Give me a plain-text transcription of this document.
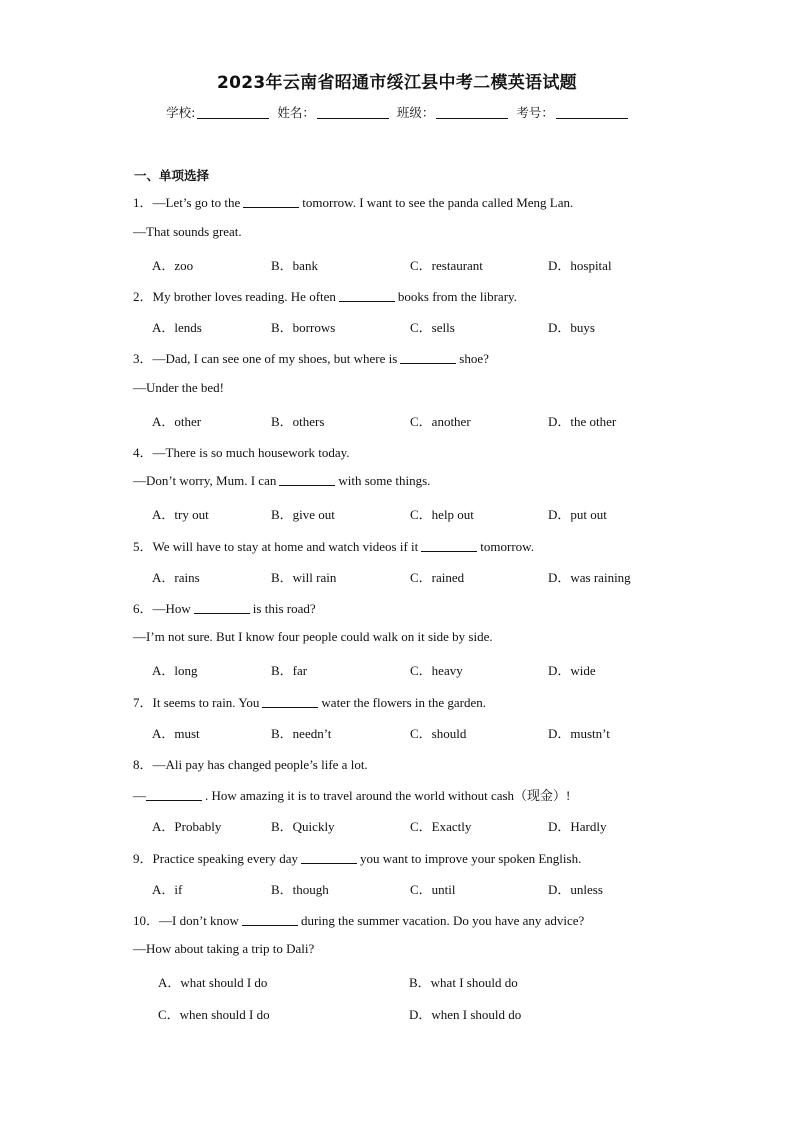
2023年云南省昭通市绥江县中考二模英语试题
学校:	姓名：	班级：	考号：
一、单项选择
1．—Let’s go to the	tomorrow. I want to see the panda called Meng Lan.
—That sounds great.
A．zoo	B．bank	C．restaurant	D．hospital
2．My brother loves reading. He often	books from the library.
A．lends	B．borrows	C．sells	D．buys
3．—Dad, I can see one of my shoes, but where is	shoe?
—Under the bed!
A．other	B．others	C．another	D．the other
4．—There is so much housework today.
—Don’t worry, Mum. I can	with some things.
A．try out	B．give out	C．help out	D．put out
5．We will have to stay at home and watch videos if it	tomorrow.
A．rains	B．will rain	C．rained	D．was raining
6．—How	is this road?
—I’m not sure. But I know four people could walk on it side by side.
A．long	B．far	C．heavy	D．wide
7．It seems to rain. You	water the flowers in the garden.
A．must	B．needn’t	C．should	D．mustn’t
8．—Ali pay has changed people’s life a lot.
—	. How amazing it is to travel around the world without cash（现金）!
A．Probably	B．Quickly	C．Exactly	D．Hardly
9．Practice speaking every day	you want to improve your spoken English.
A．if	B．though	C．until	D．unless
10．—I don’t know	during the summer vacation. Do you have any advice?
—How about taking a trip to Dali?
A．what should I do	B．what I should do
C．when should I do	D．when I should do
